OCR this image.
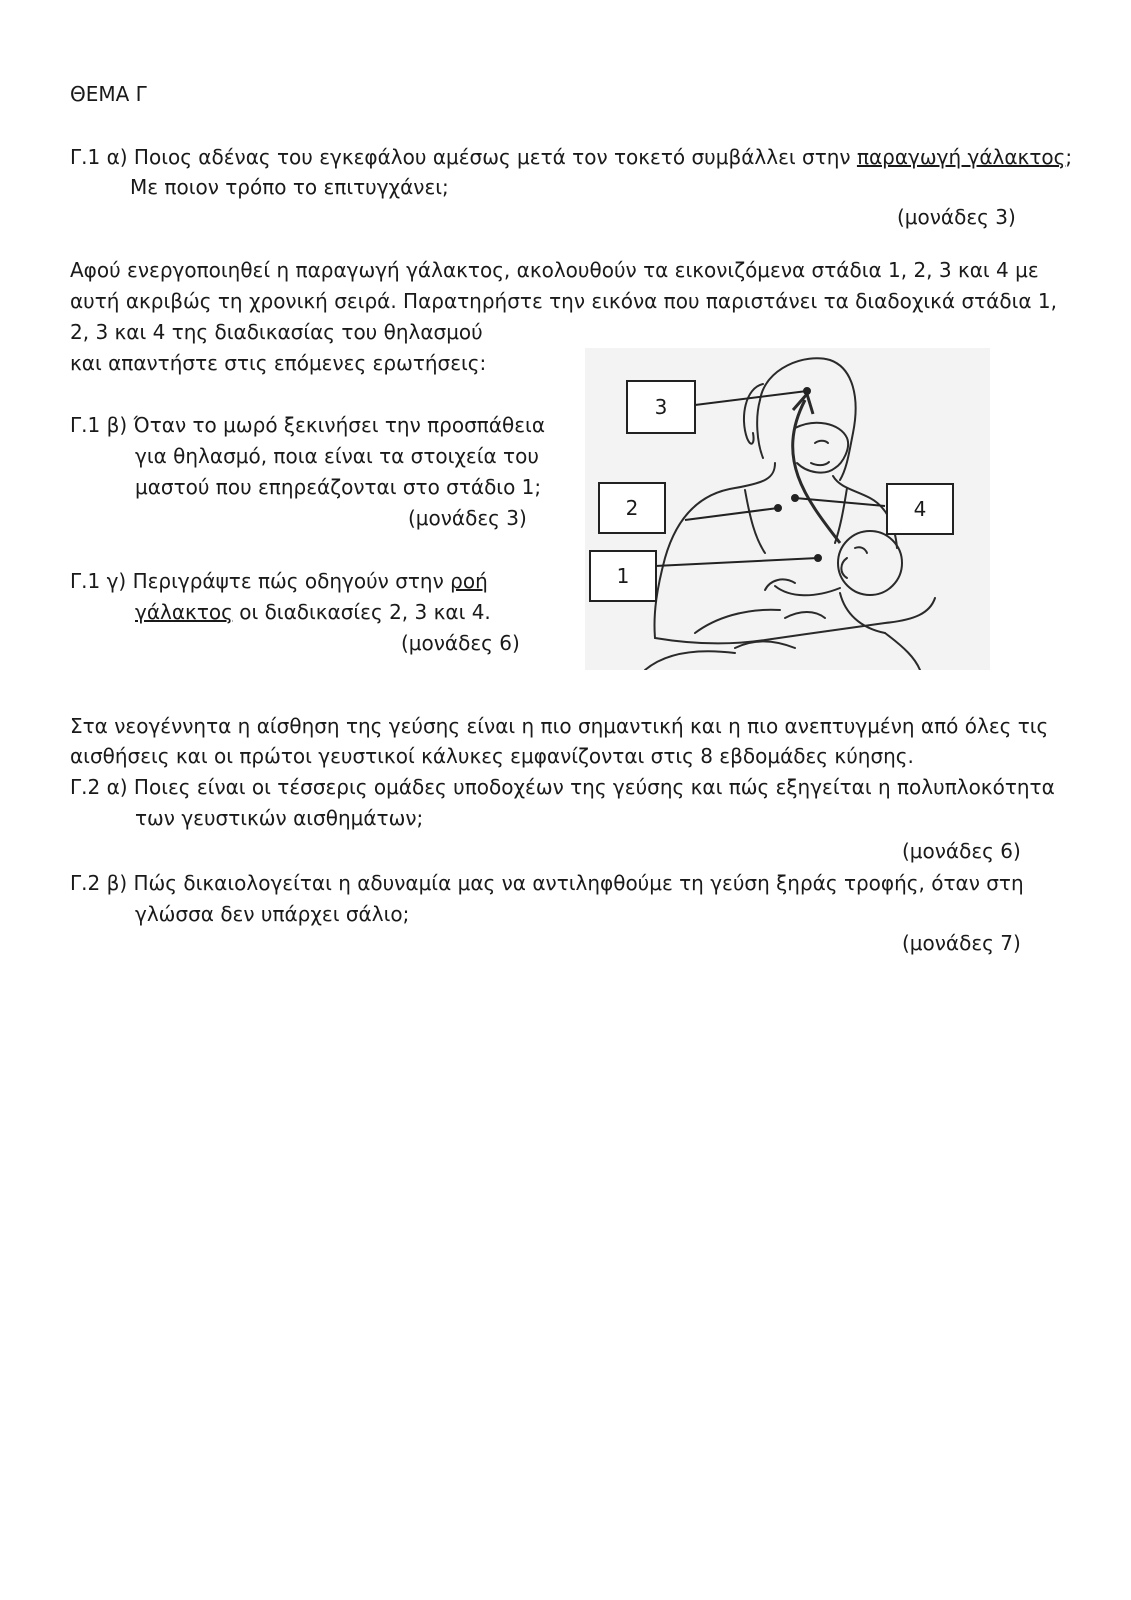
ΘΕΜΑ Γ
Γ.1 α) Ποιος αδένας του εγκεφάλου αμέσως μετά τον τοκετό συμβάλλει στην παραγωγή γάλακτος;
Με ποιον τρόπο το επιτυγχάνει;
(μονάδες 3)
Αφού ενεργοποιηθεί η παραγωγή γάλακτος, ακολουθούν τα εικονιζόμενα στάδια 1, 2, 3 και 4 με
αυτή ακριβώς τη χρονική σειρά. Παρατηρήστε την εικόνα που παριστάνει τα διαδοχικά στάδια 1,
2, 3 και 4 της διαδικασίας του θηλασμού
και απαντήστε στις επόμενες ερωτήσεις:
Γ.1 β) Όταν το μωρό ξεκινήσει την προσπάθεια
για θηλασμό, ποια είναι τα στοιχεία του
μαστού που επηρεάζονται στο στάδιο 1;
(μονάδες 3)
Γ.1 γ) Περιγράψτε πώς οδηγούν στην ροή
γάλακτος οι διαδικασίες 2, 3 και 4.
(μονάδες 6)
3
2	4
1
Στα νεογέννητα η αίσθηση της γεύσης είναι η πιο σημαντική και η πιο ανεπτυγμένη από όλες τις
αισθήσεις και οι πρώτοι γευστικοί κάλυκες εμφανίζονται στις 8 εβδομάδες κύησης.
Γ.2 α) Ποιες είναι οι τέσσερις ομάδες υποδοχέων της γεύσης και πώς εξηγείται η πολυπλοκότητα
των γευστικών αισθημάτων;
(μονάδες 6)
Γ.2 β) Πώς δικαιολογείται η αδυναμία μας να αντιληφθούμε τη γεύση ξηράς τροφής, όταν στη
γλώσσα δεν υπάρχει σάλιο;
(μονάδες 7)
